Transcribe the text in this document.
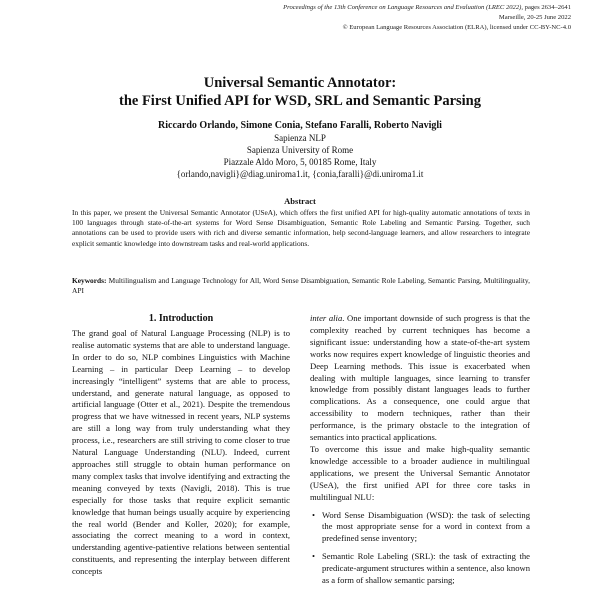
Proceedings of the 13th Conference on Language Resources and Evaluation (LREC 2022), pages 2634–2641
Marseille, 20-25 June 2022
© European Language Resources Association (ELRA), licensed under CC-BY-NC-4.0
Universal Semantic Annotator:
the First Unified API for WSD, SRL and Semantic Parsing
Riccardo Orlando, Simone Conia, Stefano Faralli, Roberto Navigli
Sapienza NLP
Sapienza University of Rome
Piazzale Aldo Moro, 5, 00185 Rome, Italy
{orlando,navigli}@diag.uniroma1.it, {conia,faralli}@di.uniroma1.it
Abstract
In this paper, we present the Universal Semantic Annotator (USeA), which offers the first unified API for high-quality automatic annotations of texts in 100 languages through state-of-the-art systems for Word Sense Disambiguation, Semantic Role Labeling and Semantic Parsing. Together, such annotations can be used to provide users with rich and diverse semantic information, help second-language learners, and allow researchers to integrate explicit semantic knowledge into downstream tasks and real-world applications.
Keywords: Multilingualism and Language Technology for All, Word Sense Disambiguation, Semantic Role Labeling, Semantic Parsing, Multilinguality, API
1. Introduction

The grand goal of Natural Language Processing (NLP) is to realise automatic systems that are able to understand language. In order to do so, NLP combines Linguistics with Machine Learning – in particular Deep Learning – to develop increasingly “intelligent” systems that are able to process, understand, and generate natural language, as opposed to artificial language (Otter et al., 2021). Despite the tremendous progress that we have witnessed in recent years, NLP systems are still a long way from truly understanding what they process, i.e., researchers are still striving to come closer to true Natural Language Understanding (NLU). Indeed, current approaches still struggle to obtain human performance on many complex tasks that involve identifying and extracting the meaning conveyed by texts (Navigli, 2018). This is true especially for those tasks that require explicit semantic knowledge that human beings usually acquire by experiencing the real world (Bender and Koller, 2020); for example, associating the correct meaning to a word in context, understanding agentive-patientive relations between sentential constituents, and representing the interplay between different concepts

inter alia. One important downside of such progress is that the complexity reached by current techniques has become a significant issue: understanding how a state-of-the-art system works now requires expert knowledge of linguistic theories and Deep Learning methods. This issue is exacerbated when dealing with multiple languages, since learning to transfer knowledge from possibly distant languages leads to further complications. As a consequence, one could argue that accessibility to modern techniques, rather than their performance, is the primary obstacle to the integration of semantics into practical applications.

To overcome this issue and make high-quality semantic knowledge accessible to a broader audience in multilingual applications, we present the Universal Semantic Annotator (USeA), the first unified API for three core tasks in multilingual NLU:

• Word Sense Disambiguation (WSD): the task of selecting the most appropriate sense for a word in context from a predefined sense inventory;
• Semantic Role Labeling (SRL): the task of extracting the predicate-argument structures within a sentence, also known as a form of shallow semantic parsing;
